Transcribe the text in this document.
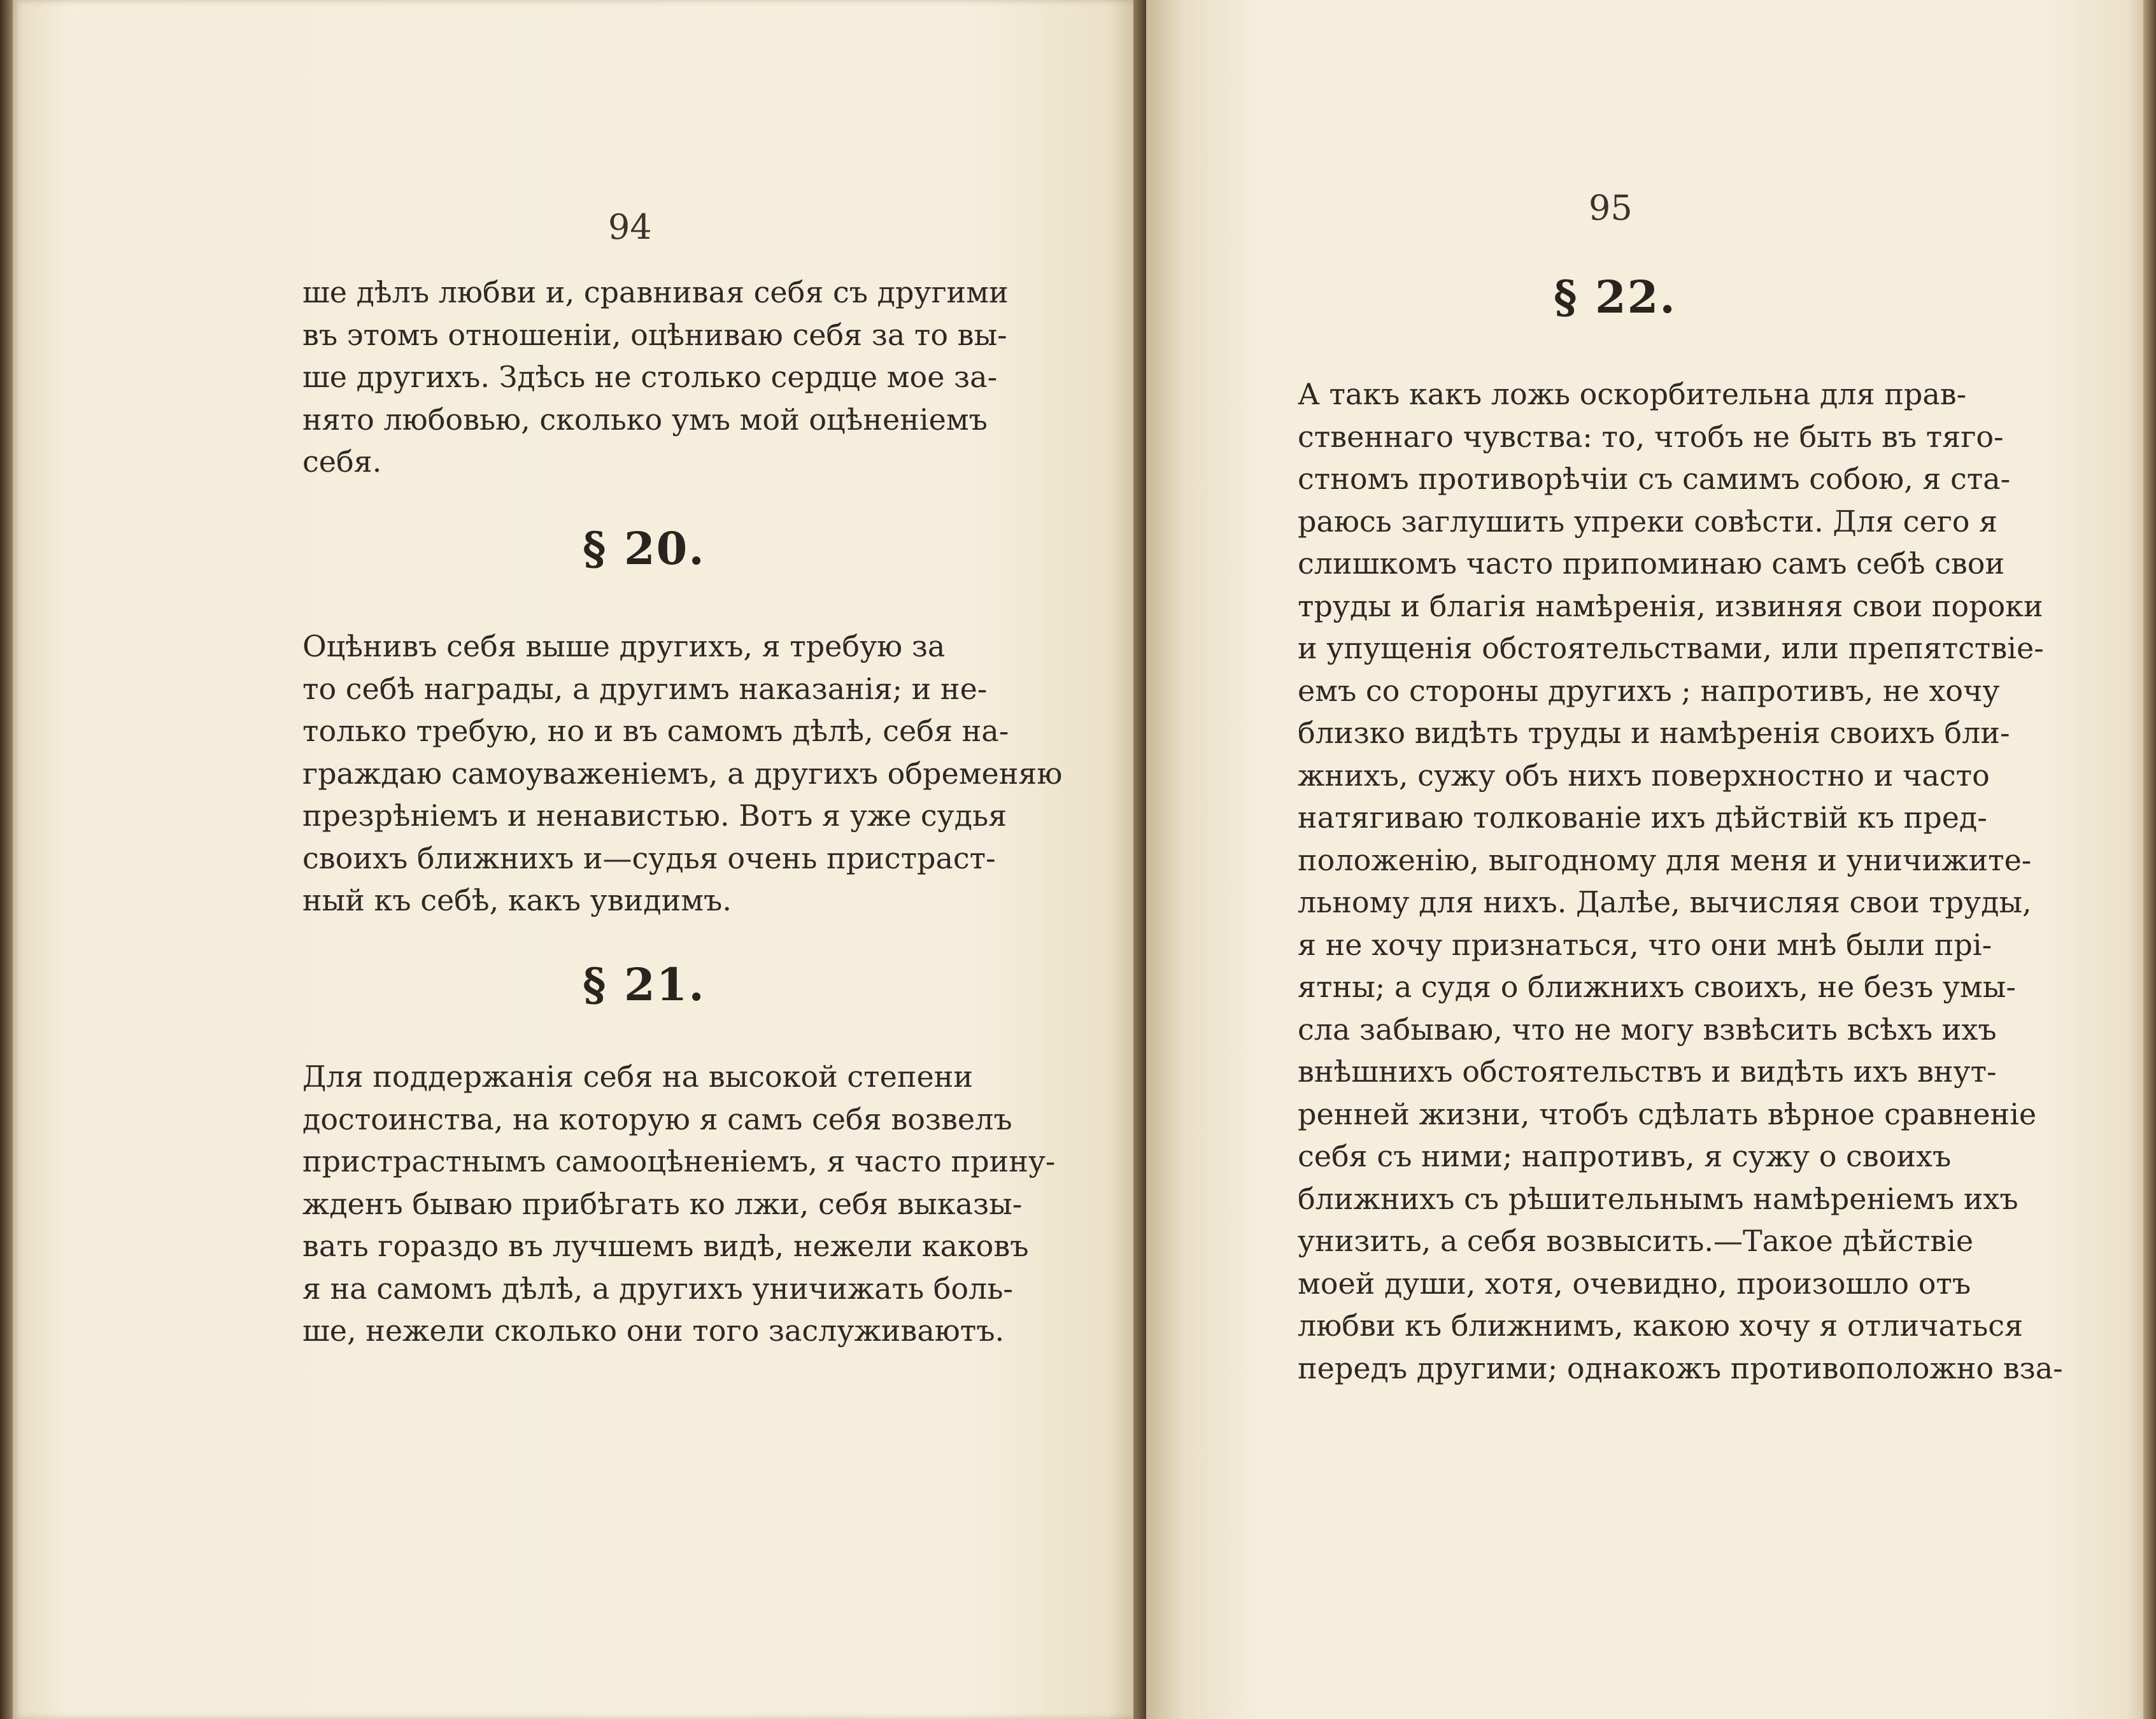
94
ше дѣлъ любви и, сравнивая себя съ другими
въ этомъ отношеніи, оцѣниваю себя за то вы-
ше другихъ. Здѣсь не столько сердце мое за-
нято любовью, сколько умъ мой оцѣненіемъ
себя.
§ 20.
Оцѣнивъ себя выше другихъ, я требую за
то себѣ награды, а другимъ наказанія; и не-
только требую, но и въ самомъ дѣлѣ, себя на-
граждаю самоуваженіемъ, а другихъ обременяю
презрѣніемъ и ненавистью. Вотъ я уже судья
своихъ ближнихъ и—судья очень пристраст-
ный къ себѣ, какъ увидимъ.
§ 21.
Для поддержанія себя на высокой степени
достоинства, на которую я самъ себя возвелъ
пристрастнымъ самооцѣненіемъ, я часто прину-
жденъ бываю прибѣгать ко лжи, себя выказы-
вать гораздо въ лучшемъ видѣ, нежели каковъ
я на самомъ дѣлѣ, а другихъ уничижать боль-
ше, нежели сколько они того заслуживаютъ.
95
§ 22.
А такъ какъ ложь оскорбительна для прав-
ственнаго чувства: то, чтобъ не быть въ тяго-
стномъ противорѣчіи съ самимъ собою, я ста-
раюсь заглушить упреки совѣсти. Для сего я
слишкомъ часто припоминаю самъ себѣ свои
труды и благія намѣренія, извиняя свои пороки
и упущенія обстоятельствами, или препятствіе-
емъ со стороны другихъ ; напротивъ, не хочу
близко видѣть труды и намѣренія своихъ бли-
жнихъ, сужу объ нихъ поверхностно и часто
натягиваю толкованіе ихъ дѣйствій къ пред-
положенію, выгодному для меня и уничижите-
льному для нихъ. Далѣе, вычисляя свои труды,
я не хочу признаться, что они мнѣ были прі-
ятны; а судя о ближнихъ своихъ, не безъ умы-
сла забываю, что не могу взвѣсить всѣхъ ихъ
внѣшнихъ обстоятельствъ и видѣть ихъ внут-
ренней жизни, чтобъ сдѣлать вѣрное сравненіе
себя съ ними; напротивъ, я сужу о своихъ
ближнихъ съ рѣшительнымъ намѣреніемъ ихъ
унизить, а себя возвысить.—Такое дѣйствіе
моей души, хотя, очевидно, произошло отъ
любви къ ближнимъ, какою хочу я отличаться
передъ другими; однакожъ противоположно вза-
